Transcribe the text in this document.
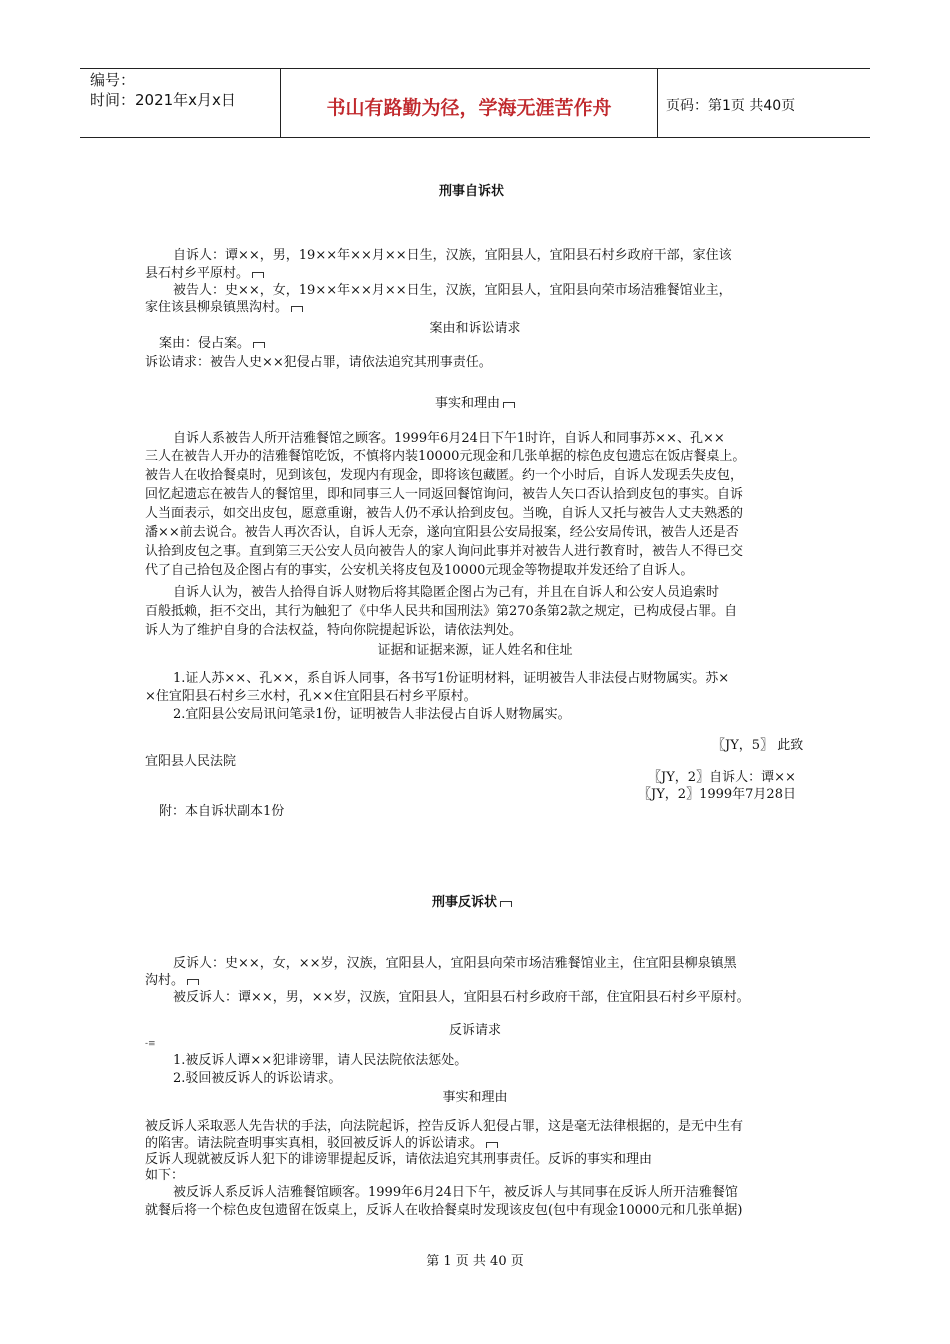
编号：
时间：2021年x月x日	书山有路勤为径，学海无涯苦作舟	页码：第1页 共40页
刑事自诉状
自诉人：谭××，男，19××年××月××日生，汉族，宜阳县人，宜阳县石村乡政府干部，家住该
县石村乡平原村。
被告人：史××，女，19××年××月××日生，汉族，宜阳县人，宜阳县向荣市场洁雅餐馆业主，
家住该县柳泉镇黑沟村。
案由和诉讼请求
案由：侵占案。
诉讼请求：被告人史××犯侵占罪，请依法追究其刑事责任。
事实和理由
自诉人系被告人所开洁雅餐馆之顾客。1999年6月24日下午1时许，自诉人和同事苏××、孔××
三人在被告人开办的洁雅餐馆吃饭，不慎将内装10000元现金和几张单据的棕色皮包遗忘在饭店餐桌上。
被告人在收拾餐桌时，见到该包，发现内有现金，即将该包藏匿。约一个小时后，自诉人发现丢失皮包，
回忆起遗忘在被告人的餐馆里，即和同事三人一同返回餐馆询问，被告人矢口否认拾到皮包的事实。自诉
人当面表示，如交出皮包，愿意重谢，被告人仍不承认拾到皮包。当晚，自诉人又托与被告人丈夫熟悉的
潘××前去说合。被告人再次否认，自诉人无奈，遂向宜阳县公安局报案，经公安局传讯，被告人还是否
认拾到皮包之事。直到第三天公安人员向被告人的家人询问此事并对被告人进行教育时，被告人不得已交
代了自己拾包及企图占有的事实，公安机关将皮包及10000元现金等物提取并发还给了自诉人。
自诉人认为，被告人拾得自诉人财物后将其隐匿企图占为己有，并且在自诉人和公安人员追索时
百般抵赖，拒不交出，其行为触犯了《中华人民共和国刑法》第270条第2款之规定，已构成侵占罪。自
诉人为了维护自身的合法权益，特向你院提起诉讼，请依法判处。
证据和证据来源，证人姓名和住址
1.证人苏××、孔××，系自诉人同事，各书写1份证明材料，证明被告人非法侵占财物属实。苏×
×住宜阳县石村乡三水村，孔××住宜阳县石村乡平原村。
2.宜阳县公安局讯问笔录1份，证明被告人非法侵占自诉人财物属实。
〖JY，5〗 此致
宜阳县人民法院
〖JY，2〗自诉人：谭××
〖JY，2〗1999年7月28日
附：本自诉状副本1份
刑事反诉状
反诉人：史××，女，××岁，汉族，宜阳县人，宜阳县向荣市场洁雅餐馆业主，住宜阳县柳泉镇黑
沟村。
被反诉人：谭××，男，××岁，汉族，宜阳县人，宜阳县石村乡政府干部，住宜阳县石村乡平原村。
反诉请求
-≡
1.被反诉人谭××犯诽谤罪，请人民法院依法惩处。
2.驳回被反诉人的诉讼请求。
事实和理由
被反诉人采取恶人先告状的手法，向法院起诉，控告反诉人犯侵占罪，这是毫无法律根据的，是无中生有
的陷害。请法院查明事实真相，驳回被反诉人的诉讼请求。
反诉人现就被反诉人犯下的诽谤罪提起反诉，请依法追究其刑事责任。反诉的事实和理由
如下：
被反诉人系反诉人洁雅餐馆顾客。1999年6月24日下午，被反诉人与其同事在反诉人所开洁雅餐馆
就餐后将一个棕色皮包遗留在饭桌上，反诉人在收拾餐桌时发现该皮包(包中有现金10000元和几张单据)
第 1 页 共 40 页
